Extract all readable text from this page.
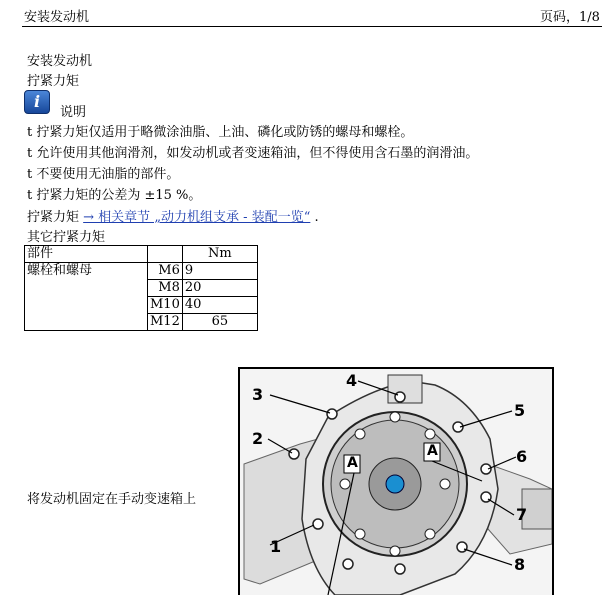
安装发动机	页码，1/8
安装发动机
拧紧力矩
i
说明
t 拧紧力矩仅适用于略微涂油脂、上油、磷化或防锈的螺母和螺栓。
t 允许使用其他润滑剂，如发动机或者变速箱油，但不得使用含石墨的润滑油。
t 不要使用无油脂的部件。
t 拧紧力矩的公差为 ±15 %。
拧紧力矩 → 相关章节 „动力机组支承 - 装配一览“ .
其它拧紧力矩
部件		Nm
螺栓和螺母	M6	9
	M8	20
	M10	40
	M12	65
将发动机固定在手动变速箱上
1
2
3
4
5
6
7
8
A
A
